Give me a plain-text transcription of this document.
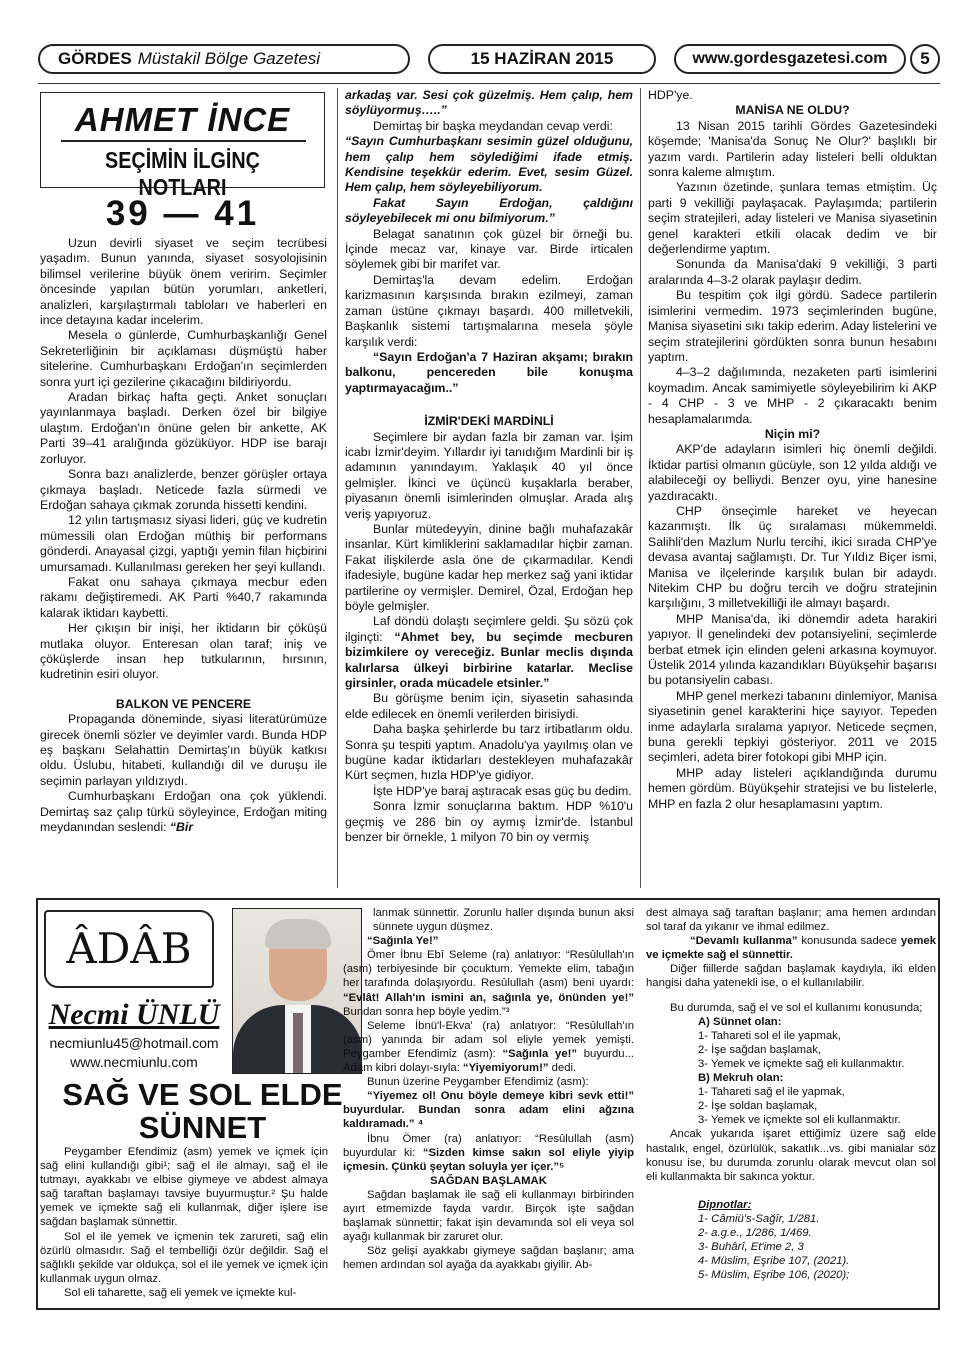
GÖRDES Müstakil Bölge Gazetesi	15 HAZİRAN 2015	www.gordesgazetesi.com	5
AHMET İNCE
SEÇİMİN İLGİNÇ NOTLARI
39 — 41

Uzun devirli siyaset ve seçim tecrübesi yaşadım. Bunun yanında, siyaset sosyolojisinin bilimsel verilerine büyük önem veririm. Seçimler öncesinde yapılan bütün yorumları, anketleri, analizleri, karşılaştırmalı tabloları ve haberleri en ince detayına kadar incelerim.

Mesela o günlerde, Cumhurbaşkanlığı Genel Sekreterliğinin bir açıklaması düşmüştü haber sitelerine. Cumhurbaşkanı Erdoğan'ın seçimlerden sonra yurt içi gezilerine çıkacağını bildiriyordu.

Aradan birkaç hafta geçti. Anket sonuçları yayınlanmaya başladı. Derken özel bir bilgiye ulaştım. Erdoğan'ın önüne gelen bir ankette, AK Parti 39–41 aralığında gözüküyor. HDP ise barajı zorluyor.

Sonra bazı analizlerde, benzer görüşler ortaya çıkmaya başladı. Neticede fazla sürmedi ve Erdoğan sahaya çıkmak zorunda hissetti kendini.

12 yılın tartışmasız siyasi lideri, güç ve kudretin mümessili olan Erdoğan müthiş bir performans gönderdi. Anayasal çizgi, yaptığı yemin filan hiçbirini umursamadı. Kullanılması gereken her şeyi kullandı.

Fakat onu sahaya çıkmaya mecbur eden rakamı değiştiremedi. AK Parti %40,7 rakamında kalarak iktidarı kaybetti.

Her çıkışın bir inişi, her iktidarın bir çöküşü mutlaka oluyor. Enteresan olan taraf; iniş ve çöküşlerde insan hep tutkularının, hırsının, kudretinin esiri oluyor.

BALKON VE PENCERE

Propaganda döneminde, siyasi literatürümüze girecek önemli sözler ve deyimler vardı. Bunda HDP eş başkanı Selahattin Demirtaş'ın büyük katkısı oldu. Üslubu, hitabeti, kullandığı dil ve duruşu ile seçimin parlayan yıldızıydı.

Cumhurbaşkanı Erdoğan ona çok yüklendi. Demirtaş saz çalıp türkü söyleyince, Erdoğan miting meydanından seslendi: “Bir

arkadaş var. Sesi çok güzelmiş. Hem çalıp, hem söylüyormuş…..”

Demirtaş bir başka meydandan cevap verdi:

“Sayın Cumhurbaşkanı sesimin güzel olduğunu, hem çalıp hem söylediğimi ifade etmiş. Kendisine teşekkür ederim. Evet, sesim Güzel. Hem çalıp, hem söyleyebiliyorum.

Fakat Sayın Erdoğan, çaldığını söyleyebilecek mi onu bilmiyorum.”

Belagat sanatının çok güzel bir örneği bu. İçinde mecaz var, kinaye var. Birde irticalen söylemek gibi bir marifet var.

Demirtaş'la devam edelim. Erdoğan karizmasının karşısında bırakın ezilmeyi, zaman zaman üstüne çıkmayı başardı. 400 milletvekili, Başkanlık sistemi tartışmalarına mesela şöyle karşılık verdi:

“Sayın Erdoğan'a 7 Haziran akşamı; bırakın balkonu, pencereden bile konuşma yaptırmayacağım..”

İZMİR'DEKİ MARDİNLİ

Seçimlere bir aydan fazla bir zaman var. İşim icabı İzmir'deyim. Yıllardır iyi tanıdığım Mardinli bir iş adamının yanındayım. Yaklaşık 40 yıl önce gelmişler. İkinci ve üçüncü kuşaklarla beraber, piyasanın önemli isimlerinden olmuşlar. Arada alış veriş yapıyoruz.

Bunlar mütedeyyin, dinine bağlı muhafazakâr insanlar. Kürt kimliklerini saklamadılar hiçbir zaman. Fakat ilişkilerde asla öne de çıkarmadılar. Kendi ifadesiyle, bugüne kadar hep merkez sağ yani iktidar partilerine oy vermişler. Demirel, Özal, Erdoğan hep böyle gelmişler.

Laf döndü dolaştı seçimlere geldi. Şu sözü çok ilginçti: “Ahmet bey, bu seçimde mecburen bizimkilere oy vereceğiz. Bunlar meclis dışında kalırlarsa ülkeyi birbirine katarlar. Meclise girsinler, orada mücadele etsinler.”

Bu görüşme benim için, siyasetin sahasında elde edilecek en önemli verilerden birisiydi.

Daha başka şehirlerde bu tarz irtibatlarım oldu. Sonra şu tespiti yaptım. Anadolu'ya yayılmış olan ve bugüne kadar iktidarları destekleyen muhafazakâr Kürt seçmen, hızla HDP'ye gidiyor.

İşte HDP'ye baraj aştıracak esas güç bu dedim.

Sonra İzmir sonuçlarına baktım. HDP %10'u geçmiş ve 286 bin oy aymış İzmir'de. İstanbul benzer bir örnekle, 1 milyon 70 bin oy vermiş

HDP'ye.

MANİSA NE OLDU?

13 Nisan 2015 tarihli Gördes Gazetesindeki köşemde; 'Manisa'da Sonuç Ne Olur?' başlıklı bir yazım vardı. Partilerin aday listeleri belli olduktan sonra kaleme almıştım.

Yazının özetinde, şunlara temas etmiştim. Üç parti 9 vekilliği paylaşacak. Paylaşımda; partilerin seçim stratejileri, aday listeleri ve Manisa siyasetinin genel karakteri etkili olacak dedim ve bir değerlendirme yaptım.

Sonunda da Manisa'daki 9 vekilliği, 3 parti aralarında 4–3-2 olarak paylaşır dedim.

Bu tespitim çok ilgi gördü. Sadece partilerin isimlerini vermedim. 1973 seçimlerinden bugüne, Manisa siyasetini sıkı takip ederim. Aday listelerini ve seçim stratejilerini gördükten sonra bunun hesabını yaptım.

4–3–2 dağılımında, nezaketen parti isimlerini koymadım. Ancak samimiyetle söyleyebilirim ki AKP - 4 CHP - 3 ve MHP - 2 çıkaracaktı benim hesaplamalarımda.

Niçin mi?

AKP'de adayların isimleri hiç önemli değildi. İktidar partisi olmanın gücüyle, son 12 yılda aldığı ve alabileceği oy belliydi. Benzer oyu, yine hanesine yazdıracaktı.

CHP önseçimle hareket ve heyecan kazanmıştı. İlk üç sıralaması mükemmeldi. Salihli'den Mazlum Nurlu tercihi, ikici sırada CHP'ye devasa avantaj sağlamıştı. Dr. Tur Yıldız Biçer ismi, Manisa ve ilçelerinde karşılık bulan bir adaydı. Nitekim CHP bu doğru tercih ve doğru stratejinin karşılığını, 3 milletvekilliği ile almayı başardı.

MHP Manisa'da, iki dönemdir adeta harakiri yapıyor. İl genelindeki dev potansiyelini, seçimlerde berbat etmek için elinden geleni arkasına koymuyor. Üstelik 2014 yılında kazandıkları Büyükşehir başarısı bu potansiyelin cabası.

MHP genel merkezi tabanını dinlemiyor, Manisa siyasetinin genel karakterini hiçe sayıyor. Tepeden inme adaylarla sıralama yapıyor. Neticede seçmen, buna gerekli tepkiyi gösteriyor. 2011 ve 2015 seçimleri, adeta birer fotokopi gibi MHP için.

MHP aday listeleri açıklandığında durumu hemen gördüm. Büyükşehir stratejisi ve bu listelerle, MHP en fazla 2 olur hesaplamasını yaptım.

ÂDÂB
Necmi ÜNLÜ
necmiunlu45@hotmail.com
www.necmiunlu.com
SAĞ VE SOL ELDE
SÜNNET

Peygamber Efendimiz (asm) yemek ve içmek için sağ elini kullandığı gibi¹; sağ el ile almayı, sağ el ile tutmayı, ayakkabı ve elbise giymeye ve abdest almaya sağ taraftan başlamayı tavsiye buyurmuştur.² Şu halde yemek ve içmekte sağ eli kullanmak, diğer işlere ise sağdan başlamak sünnettir.

Sol el ile yemek ve içmenin tek zarureti, sağ elin özürlü olmasıdır. Sağ el tembelliği özür değildir. Sağ el sağlıklı şekilde var oldukça, sol el ile yemek ve içmek için kullanmak uygun olmaz.

Sol eli taharette, sağ eli yemek ve içmekte kul-

lanmak sünnettir. Zorunlu haller dışında bunun aksi sünnete uygun düşmez.

“Sağınla Ye!”

Ömer İbnu Ebî Seleme (ra) anlatıyor: “Resûlullah'ın (asm) terbiyesinde bir çocuktum. Yemekte elim, tabağın her tarafında dolaşıyordu. Resûlullah (asm) beni uyardı: “Evlât! Allah'ın ismini an, sağınla ye, önünden ye!” Bundan sonra hep böyle yedim.”³

Seleme İbnü'l-Ekva' (ra) anlatıyor: “Resûlullah'ın (asm) yanında bir adam sol eliyle yemek yemişti. Peygamber Efendimiz (asm): “Sağınla ye!” buyurdu... Adam kibri dolayı-sıyla: “Yiyemiyorum!” dedi.

Bunun üzerine Peygamber Efendimiz (asm):

“Yiyemez ol! Onu böyle demeye kibri sevk etti!” buyurdular. Bundan sonra adam elini ağzına kaldıramadı.” ⁴

İbnu Ömer (ra) anlatıyor: “Resûlullah (asm) buyurdular ki: “Sizden kimse sakın sol eliyle yiyip içmesin. Çünkü şeytan soluyla yer içer.”⁵

SAĞDAN BAŞLAMAK

Sağdan başlamak ile sağ eli kullanmayı birbirinden ayırt etmemizde fayda vardır. Birçok işte sağdan başlamak sünnettir; fakat işin devamında sol eli veya sol ayağı kullanmak bir zaruret olur.

Söz gelişi ayakkabı giymeye sağdan başlanır; ama hemen ardından sol ayağa da ayakkabı giyilir. Ab-

dest almaya sağ taraftan başlanır; ama hemen ardından sol taraf da yıkanır ve ihmal edilmez.

“Devamlı kullanma” konusunda sadece yemek ve içmekte sağ el sünnettir.

Diğer fiillerde sağdan başlamak kaydıyla, iki elden hangisi daha yatenekli ise, o el kullanılabilir.

Bu durumda, sağ el ve sol el kullanımı konusunda;

A) Sünnet olan:

1- Tahareti sol el ile yapmak,

2- İşe sağdan başlamak,

3- Yemek ve içmekte sağ eli kullanmaktır.

B) Mekruh olan:

1- Tahareti sağ el ile yapmak,

2- İşe soldan başlamak,

3- Yemek ve içmekte sol eli kullanmaktır.

Ancak yukarıda işaret ettiğimiz üzere sağ elde hastalık, engel, özürlülük, sakatlık...vs. gibi manialar söz konusu ise, bu durumda zorunlu olarak mevcut olan sol eli kullanmakta bir sakınca yoktur.

Dipnotlar:

1- Câmiü's-Sağîr, 1/281.

2- a.g.e., 1/286, 1/469.

3- Buhârî, Et'ime 2, 3

4- Müslim, Eşribe 107, (2021).

5- Müslim, Eşribe 106, (2020);
